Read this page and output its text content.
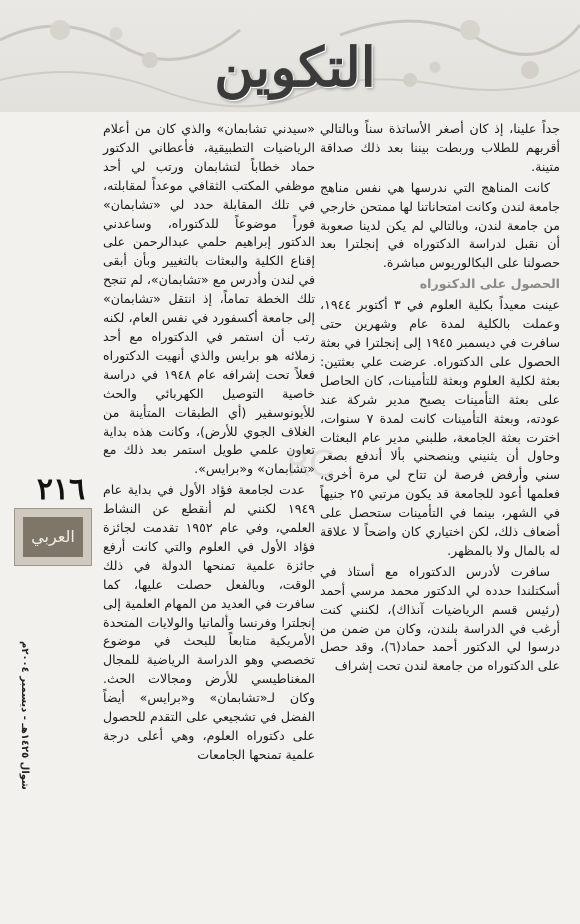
التكوين

جداً علينا، إذ كان أصغر الأساتذة سناً وبالتالي أقربهم للطلاب وربطت بيننا بعد ذلك صداقة متينة.

كانت المناهج التي ندرسها هي نفس مناهج جامعة لندن وكانت امتحاناتنا لها ممتحن خارجي من جامعة لندن، وبالتالي لم يكن لدينا صعوبة أن نقبل لدراسة الدكتوراه في إنجلترا بعد حصولنا على البكالوريوس مباشرة.

الحصول على الدكتوراه

عينت معيداً بكلية العلوم في ٣ أكتوبر ١٩٤٤، وعملت بالكلية لمدة عام وشهرين حتى سافرت في ديسمبر ١٩٤٥ إلى إنجلترا في بعثة الحصول على الدكتوراه. عرضت علي بعثتين: بعثة لكلية العلوم وبعثة للتأمينات، كان الحاصل على بعثة التأمينات يصبح مدير شركة عند عودته، وبعثة التأمينات كانت لمدة ٧ سنوات، اخترت بعثة الجامعة، طلبني مدير عام البعثات وحاول أن يثنيني وينصحني بألا أندفع بصغر سني وأرفض فرصة لن تتاح لي مرة أخرى، فعلمها أعود للجامعة قد يكون مرتبي ٢٥ جنيهاً في الشهر، بينما في التأمينات ستحصل على أضعاف ذلك، لكن اختياري كان واضحاً لا علاقة له بالمال ولا بالمظهر.

سافرت لأدرس الدكتوراه مع أستاذ في أسكتلندا حدده لي الدكتور محمد مرسي أحمد (رئيس قسم الرياضيات آنذاك)، لكنني كنت أرغب في الدراسة بلندن، وكان من ضمن من درسوا لي الدكتور أحمد حماد(٦)، وقد حصل على الدكتوراه من جامعة لندن تحت إشراف

«سيدني تشابمان» والذي كان من أعلام الرياضيات التطبيقية، فأعطاني الدكتور حماد خطاباً لتشابمان ورتب لي أحد موظفي المكتب الثقافي موعداً لمقابلته، في تلك المقابلة حدد لي «تشابمان» فوراً موضوعاً للدكتوراه، وساعدني الدكتور إبراهيم حلمي عبدالرحمن على إقناع الكلية والبعثات بالتغيير وبأن أبقى في لندن وأدرس مع «تشابمان»، لم تنجح تلك الخطة تماماً، إذ انتقل «تشابمان» إلى جامعة أكسفورد في نفس العام، لكنه رتب أن استمر في الدكتوراه مع أحد زملائه هو برايس والذي أنهيت الدكتوراه فعلاً تحت إشرافه عام ١٩٤٨ في دراسة خاصية التوصيل الكهربائي والحث للأيونوسفير (أي الطبقات المتأينة من الغلاف الجوي للأرض)، وكانت هذه بداية تعاون علمي طويل استمر بعد ذلك مع «تشابمان» و«برايس».

عدت لجامعة فؤاد الأول في بداية عام ١٩٤٩ لكنني لم أنقطع عن النشاط العلمي، وفي عام ١٩٥٢ تقدمت لجائزة فؤاد الأول في العلوم والتي كانت أرفع جائزة علمية تمنحها الدولة في ذلك الوقت، وبالفعل حصلت عليها، كما سافرت في العديد من المهام العلمية إلى إنجلترا وفرنسا وألمانيا والولايات المتحدة الأمريكية متابعاً للبحث في موضوع تخصصي وهو الدراسة الرياضية للمجال المغناطيسي للأرض ومجالات الحث. وكان لـ«تشابمان» و«برايس» أيضاً الفضل في تشجيعي على التقدم للحصول على دكتوراه العلوم، وهي أعلى درجة علمية تمنحها الجامعات

RC
٢١٦
العربي
شوال ١٤٢٥هـ - ديسمبر ٢٠٠٤م
